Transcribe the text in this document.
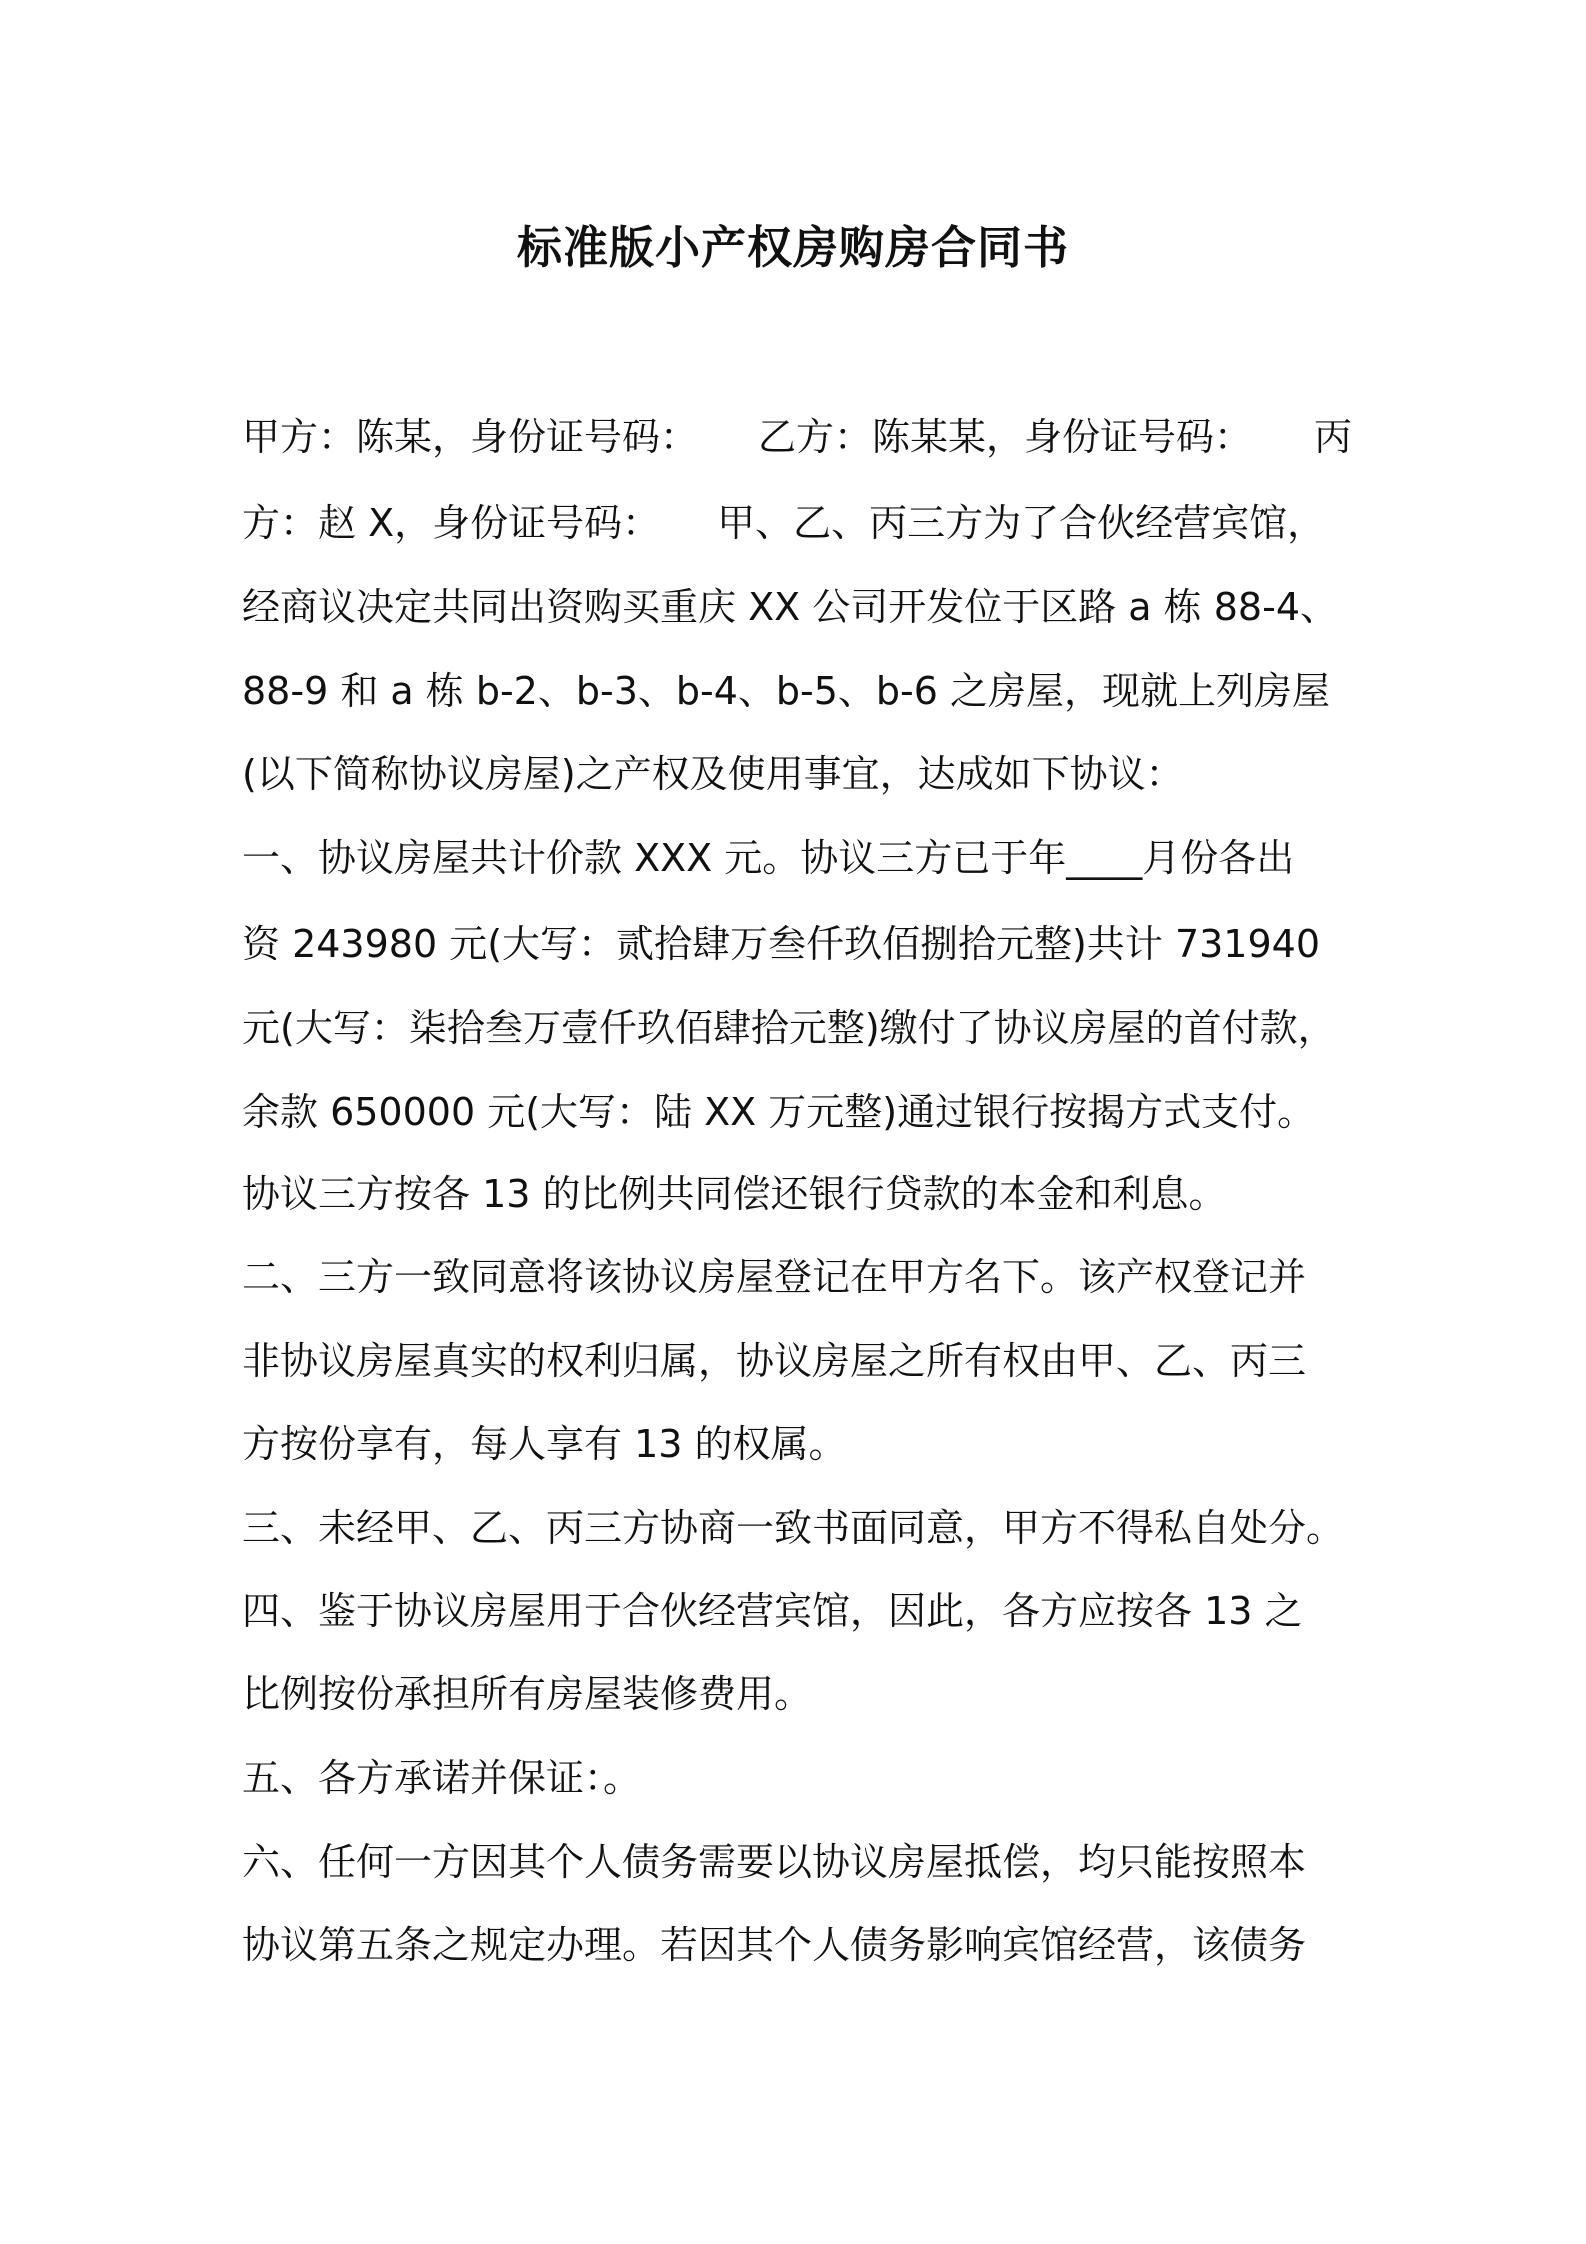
标准版小产权房购房合同书
甲方：陈某，身份证号码： 乙方：陈某某，身份证号码： 丙
方：赵 X，身份证号码：　　甲、乙、丙三方为了合伙经营宾馆，
经商议决定共同出资购买重庆 XX 公司开发位于区路 a 栋 88-4、
88-9 和 a 栋 b-2、b-3、b-4、b-5、b-6 之房屋，现就上列房屋
(以下简称协议房屋)之产权及使用事宜，达成如下协议：
一、协议房屋共计价款 XXX 元。协议三方已于年____月份各出
资 243980 元(大写：贰拾肆万叁仟玖佰捌拾元整)共计 731940
元(大写：柒拾叁万壹仟玖佰肆拾元整)缴付了协议房屋的首付款，
余款 650000 元(大写：陆 XX 万元整)通过银行按揭方式支付。
协议三方按各 13 的比例共同偿还银行贷款的本金和利息。
二、三方一致同意将该协议房屋登记在甲方名下。该产权登记并
非协议房屋真实的权利归属，协议房屋之所有权由甲、乙、丙三
方按份享有，每人享有 13 的权属。
三、未经甲、乙、丙三方协商一致书面同意，甲方不得私自处分。
四、鉴于协议房屋用于合伙经营宾馆，因此，各方应按各 13 之
比例按份承担所有房屋装修费用。
五、各方承诺并保证：。
六、任何一方因其个人债务需要以协议房屋抵偿，均只能按照本
协议第五条之规定办理。若因其个人债务影响宾馆经营，该债务
